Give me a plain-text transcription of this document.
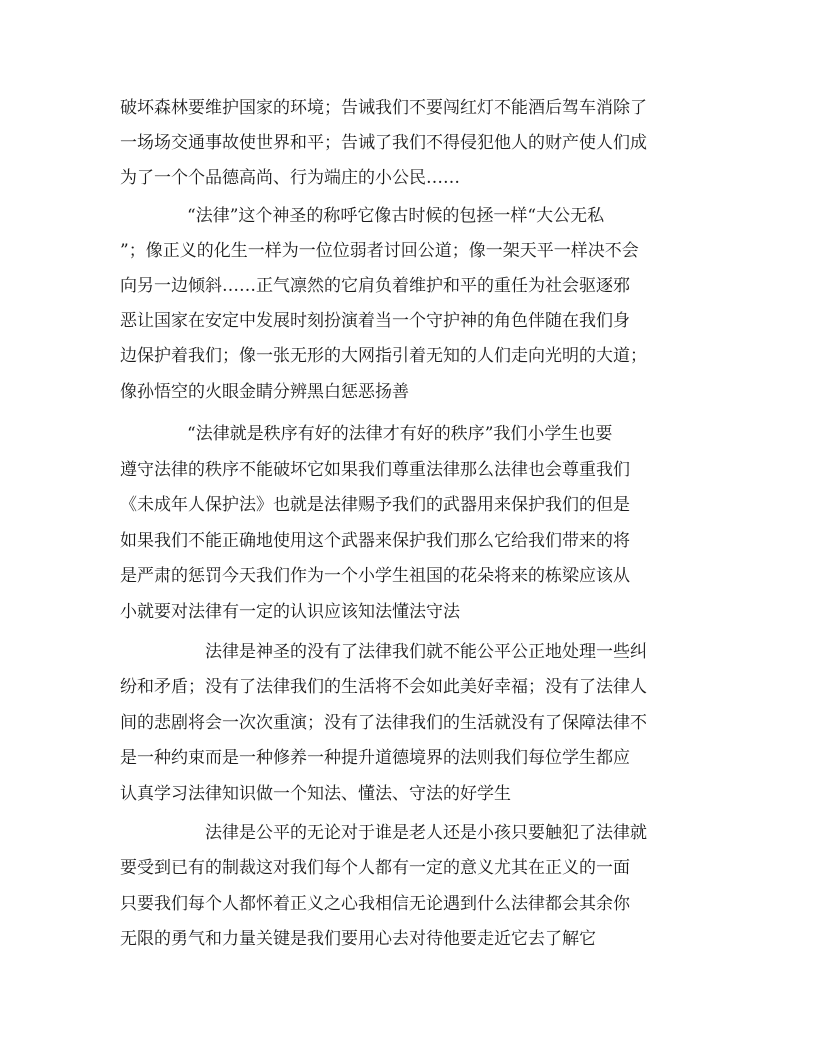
破坏森林要维护国家的环境；告诫我们不要闯红灯不能酒后驾车消除了

一场场交通事故使世界和平；告诫了我们不得侵犯他人的财产使人们成

为了一个个品德高尚、行为端庄的小公民……

“法律”这个神圣的称呼它像古时候的包拯一样“大公无私

”；像正义的化生一样为一位位弱者讨回公道；像一架天平一样决不会

向另一边倾斜……正气凛然的它肩负着维护和平的重任为社会驱逐邪

恶让国家在安定中发展时刻扮演着当一个守护神的角色伴随在我们身

边保护着我们；像一张无形的大网指引着无知的人们走向光明的大道；

像孙悟空的火眼金睛分辨黑白惩恶扬善

“法律就是秩序有好的法律才有好的秩序”我们小学生也要

遵守法律的秩序不能破坏它如果我们尊重法律那么法律也会尊重我们

《未成年人保护法》也就是法律赐予我们的武器用来保护我们的但是

如果我们不能正确地使用这个武器来保护我们那么它给我们带来的将

是严肃的惩罚今天我们作为一个小学生祖国的花朵将来的栋梁应该从

小就要对法律有一定的认识应该知法懂法守法

法律是神圣的没有了法律我们就不能公平公正地处理一些纠

纷和矛盾；没有了法律我们的生活将不会如此美好幸福；没有了法律人

间的悲剧将会一次次重演；没有了法律我们的生活就没有了保障法律不

是一种约束而是一种修养一种提升道德境界的法则我们每位学生都应

认真学习法律知识做一个知法、懂法、守法的好学生

法律是公平的无论对于谁是老人还是小孩只要触犯了法律就

要受到已有的制裁这对我们每个人都有一定的意义尤其在正义的一面

只要我们每个人都怀着正义之心我相信无论遇到什么法律都会其余你

无限的勇气和力量关键是我们要用心去对待他要走近它去了解它
